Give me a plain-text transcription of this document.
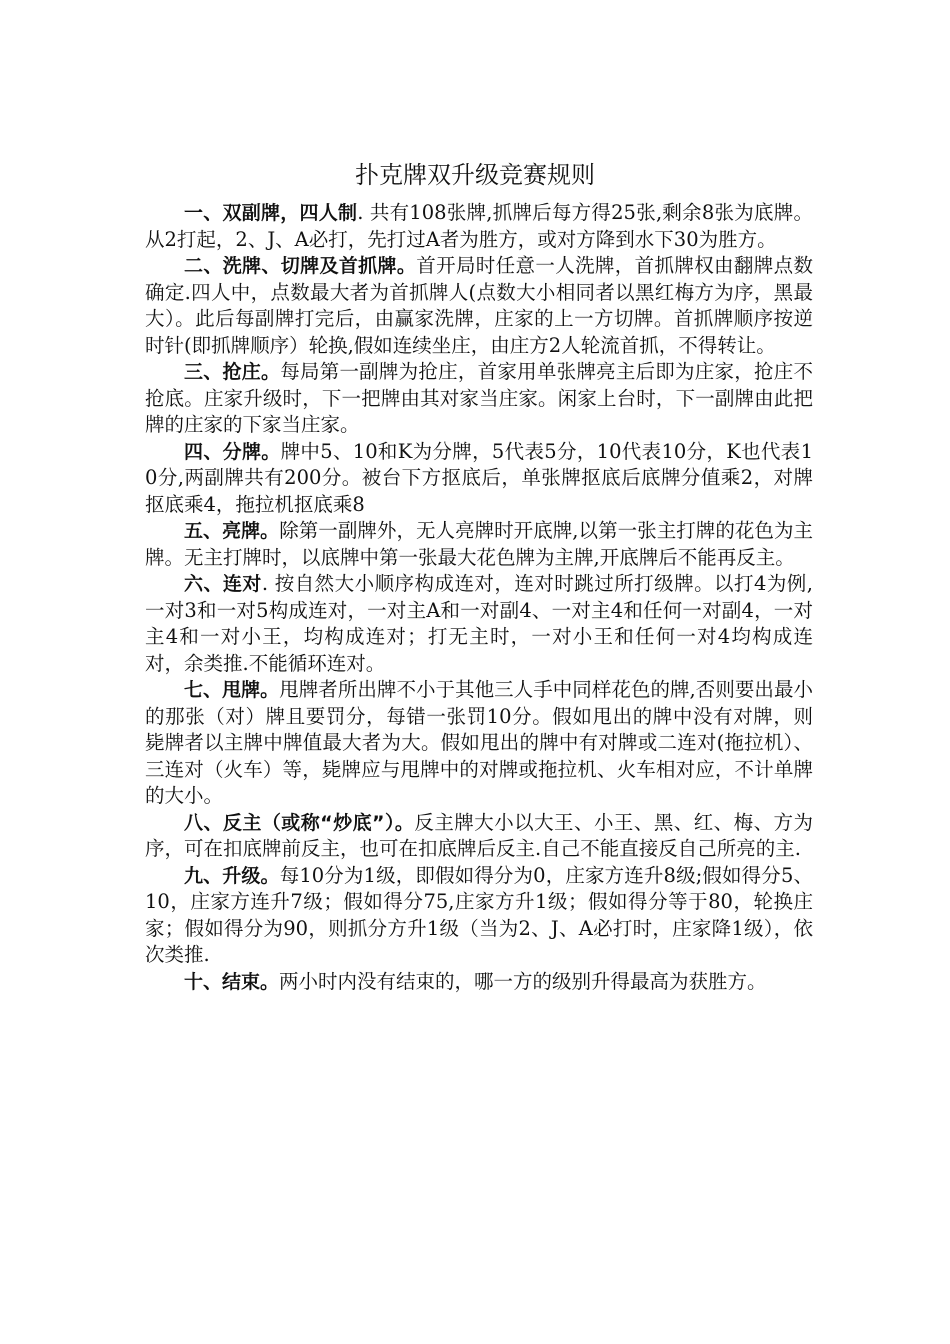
扑克牌双升级竞赛规则

一、双副牌，四人制. 共有108张牌,抓牌后每方得25张,剩余8张为底牌。从2打起，2、J、A必打，先打过A者为胜方，或对方降到水下30为胜方。

二、洗牌、切牌及首抓牌。首开局时任意一人洗牌，首抓牌权由翻牌点数确定.四人中，点数最大者为首抓牌人(点数大小相同者以黑红梅方为序，黑最大）。此后每副牌打完后，由赢家洗牌，庄家的上一方切牌。首抓牌顺序按逆时针(即抓牌顺序）轮换,假如连续坐庄，由庄方2人轮流首抓，不得转让。

三、抢庄。每局第一副牌为抢庄，首家用单张牌亮主后即为庄家，抢庄不抢底。庄家升级时，下一把牌由其对家当庄家。闲家上台时，下一副牌由此把牌的庄家的下家当庄家。

四、分牌。牌中5、10和K为分牌，5代表5分，10代表10分，K也代表10分,两副牌共有200分。被台下方抠底后，单张牌抠底后底牌分值乘2，对牌抠底乘4，拖拉机抠底乘8

五、亮牌。除第一副牌外，无人亮牌时开底牌,以第一张主打牌的花色为主牌。无主打牌时，以底牌中第一张最大花色牌为主牌,开底牌后不能再反主。

六、连对. 按自然大小顺序构成连对，连对时跳过所打级牌。以打4为例,一对3和一对5构成连对，一对主A和一对副4、一对主4和任何一对副4，一对主4和一对小王，均构成连对；打无主时，一对小王和任何一对4均构成连对，余类推.不能循环连对。

七、甩牌。甩牌者所出牌不小于其他三人手中同样花色的牌,否则要出最小的那张（对）牌且要罚分，每错一张罚10分。假如甩出的牌中没有对牌，则毙牌者以主牌中牌值最大者为大。假如甩出的牌中有对牌或二连对(拖拉机）、三连对（火车）等，毙牌应与甩牌中的对牌或拖拉机、火车相对应，不计单牌的大小。

八、反主（或称“炒底”）。反主牌大小以大王、小王、黑、红、梅、方为序，可在扣底牌前反主，也可在扣底牌后反主.自己不能直接反自己所亮的主.

九、升级。每10分为1级，即假如得分为0，庄家方连升8级;假如得分5、10，庄家方连升7级；假如得分75,庄家方升1级；假如得分等于80，轮换庄家；假如得分为90，则抓分方升1级（当为2、J、A必打时，庄家降1级），依次类推.

十、结束。两小时内没有结束的，哪一方的级别升得最高为获胜方。
